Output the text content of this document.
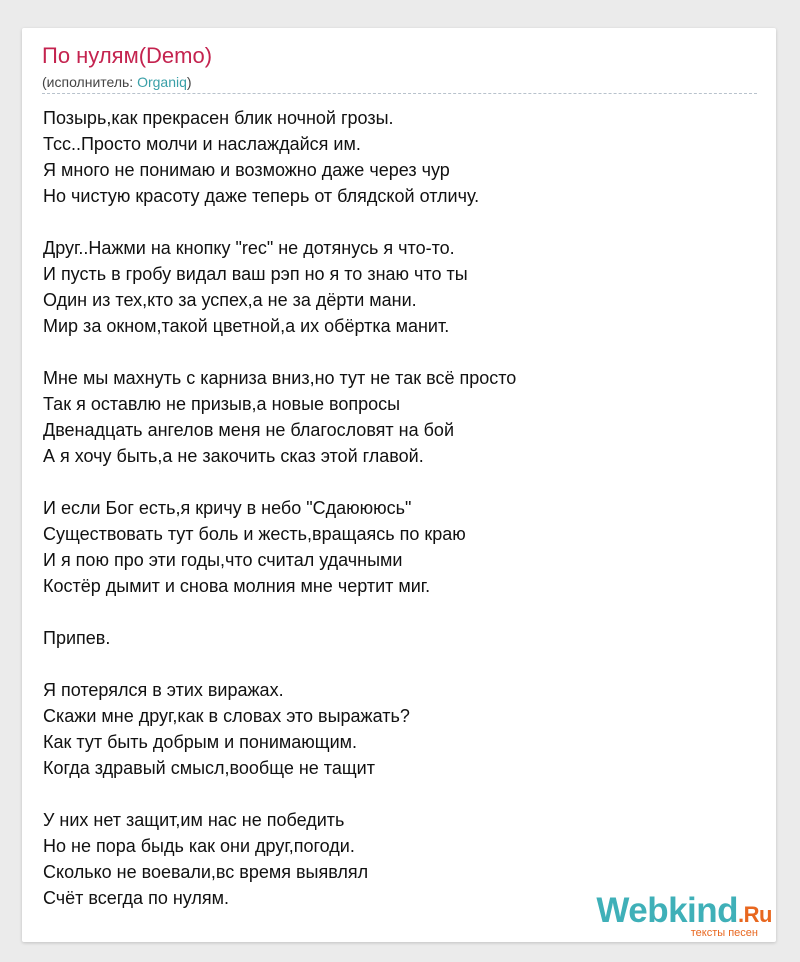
По нулям(Demo)
(исполнитель: Organiq)
Позырь,как прекрасен блик ночной грозы.
Тсс..Просто молчи и наслаждайся им.
Я много не понимаю и возможно даже через чур
Но чистую красоту даже теперь от блядской отличу.
Друг..Нажми на кнопку "rec" не дотянусь я что-то.
И пусть в гробу видал ваш рэп но я то знаю что ты
Один из тех,кто за успех,а не за дёрти мани.
Мир за окном,такой цветной,а их обёртка манит.
Мне мы махнуть с карниза вниз,но тут не так всё просто
Так я оставлю не призыв,а новые вопросы
Двенадцать ангелов меня не благословят на бой
А я хочу быть,а не закочить сказ этой главой.
И если Бог есть,я кричу в небо "Сдаюююсь"
Существовать тут боль и жесть,вращаясь по краю
И я пою про эти годы,что считал удачными
Костёр дымит и снова молния мне чертит миг.
Припев.
Я потерялся в этих виражах.
Скажи мне друг,как в словах это выражать?
Как тут быть добрым и понимающим.
Когда здравый смысл,вообще не тащит
У них нет защит,им нас не победить
Но не пора быдь как они друг,погоди.
Сколько не воевали,вс время выявлял
Счёт всегда по нулям.	Webkind.Ru
тексты песен
